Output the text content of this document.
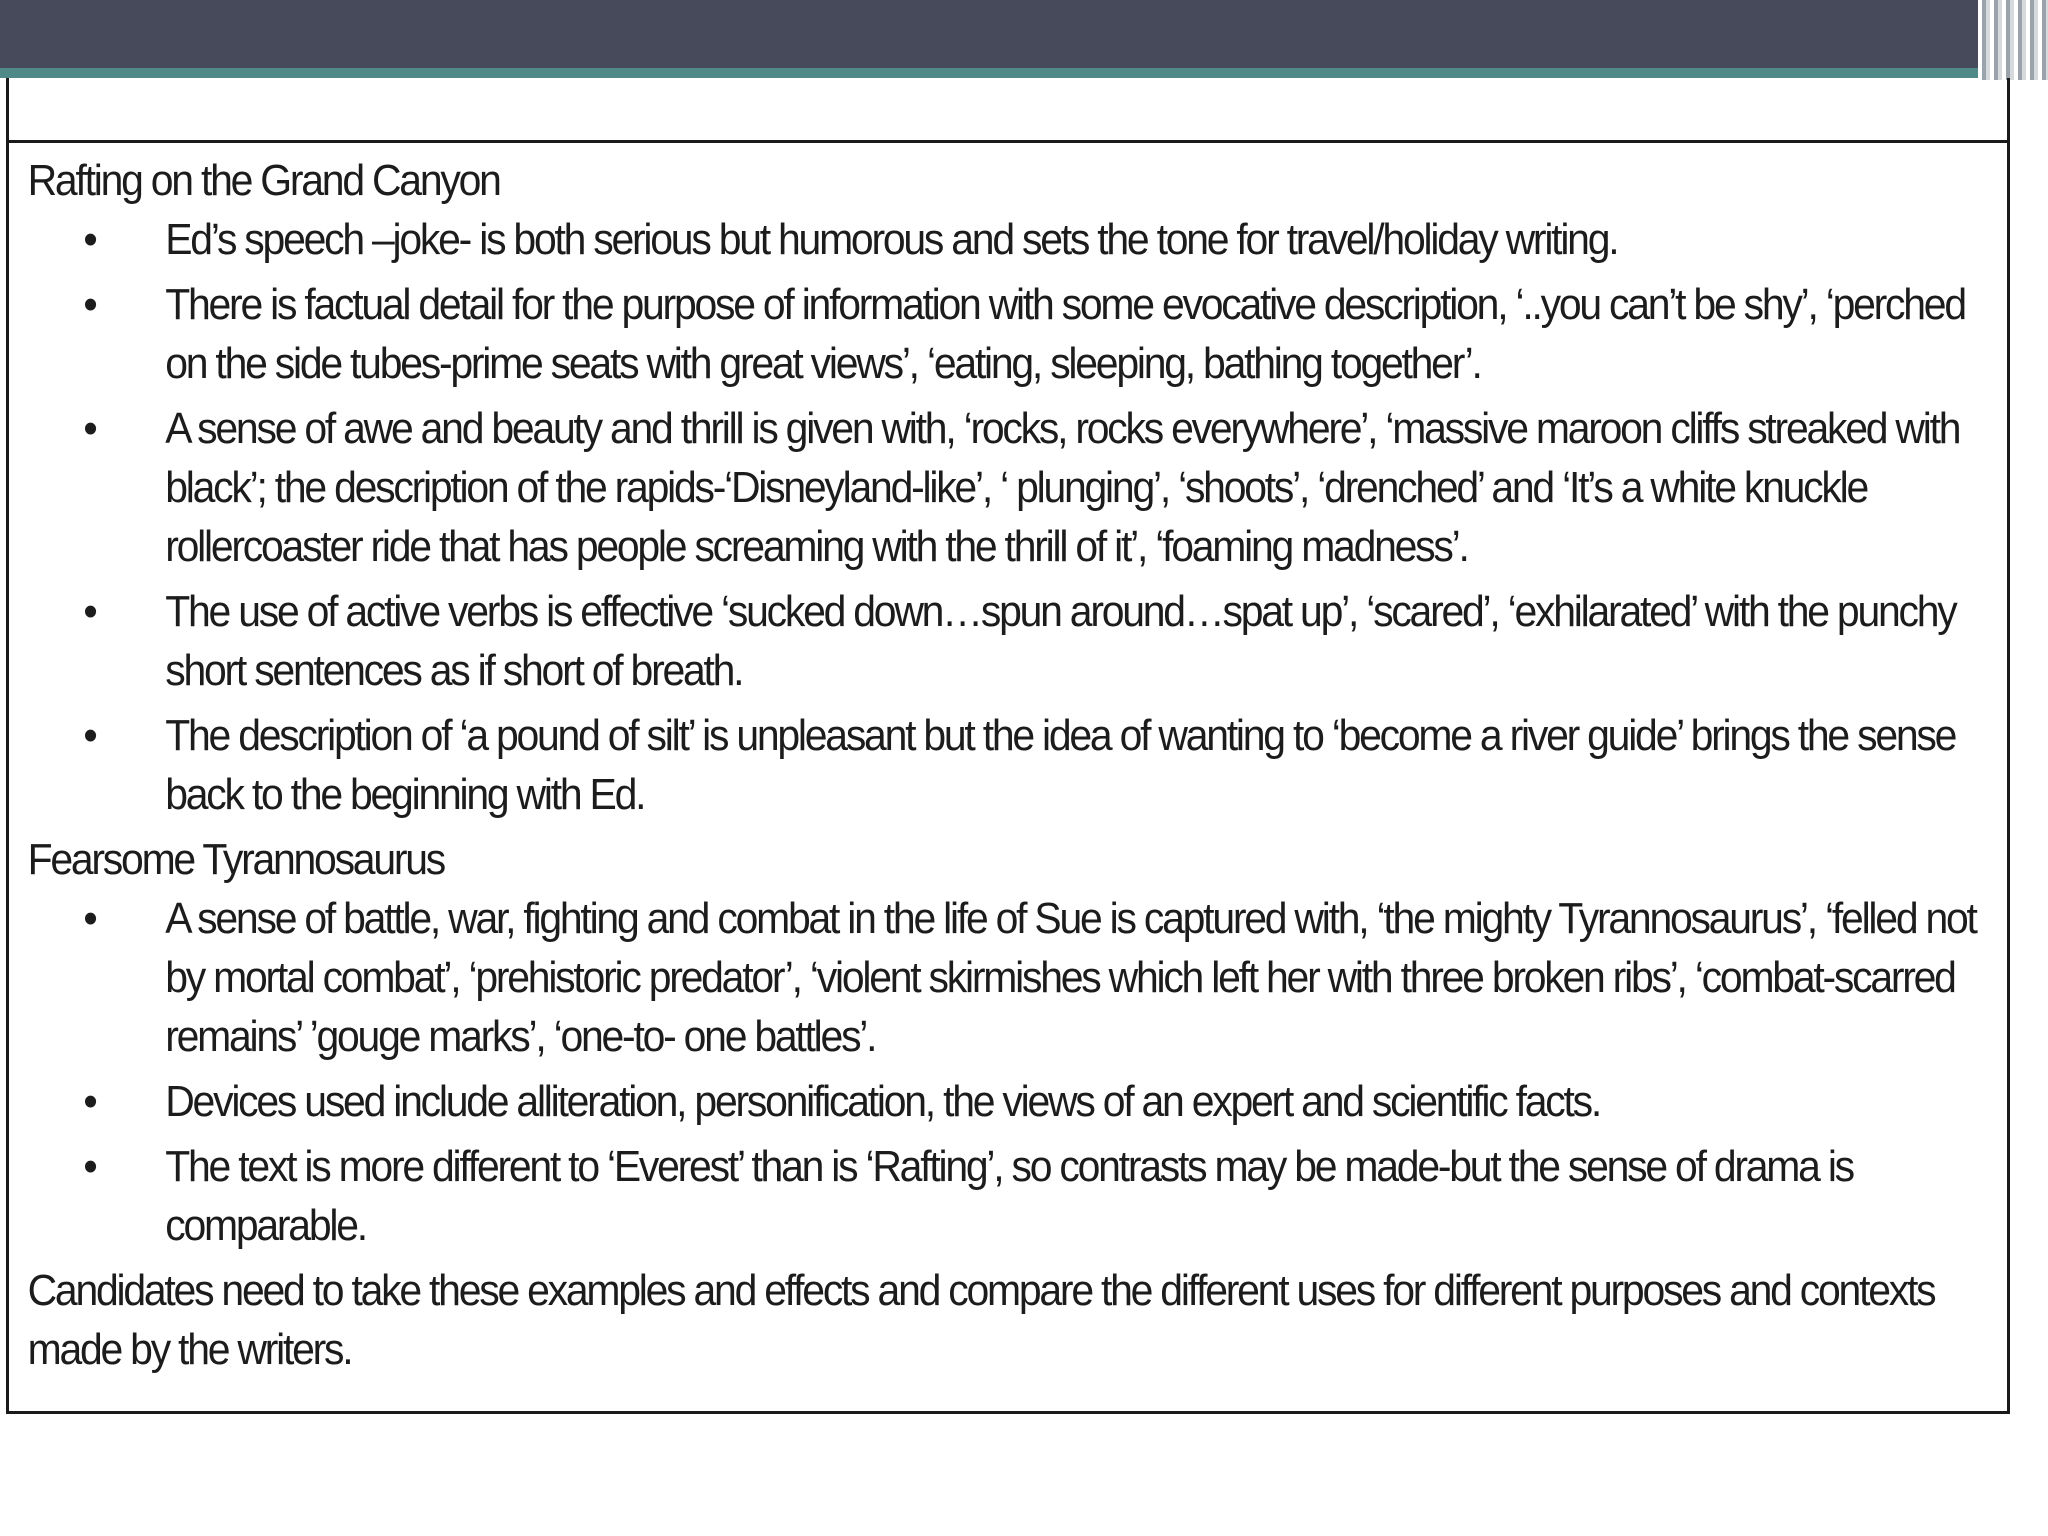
Rafting on the Grand Canyon

• Ed’s speech –joke- is both serious but humorous and sets the tone for travel/holiday writing.
• There is factual detail for the purpose of information with some evocative description, ‘..you can’t be shy’, ‘perched on the side tubes-prime seats with great views’, ‘eating, sleeping, bathing together’.
• A sense of awe and beauty and thrill is given with, ‘rocks, rocks everywhere’, ‘massive maroon cliffs streaked with black’; the description of the rapids-‘Disneyland-like’, ‘ plunging’, ‘shoots’, ‘drenched’ and ‘It’s a white knuckle rollercoaster ride that has people screaming with the thrill of it’, ‘foaming madness’.
• The use of active verbs is effective ‘sucked down…spun around…spat up’, ‘scared’, ‘exhilarated’ with the punchy short sentences as if short of breath.
• The description of ‘a pound of silt’ is unpleasant but the idea of wanting to ‘become a river guide’ brings the sense back to the beginning with Ed.

Fearsome Tyrannosaurus

• A sense of battle, war, fighting and combat in the life of Sue is captured with, ‘the mighty Tyrannosaurus’, ‘felled not by mortal combat’, ‘prehistoric predator’, ‘violent skirmishes which left her with three broken ribs’, ‘combat-scarred remains’ ’gouge marks’, ‘one-to- one battles’.
• Devices used include alliteration, personification, the views of an expert and scientific facts.
• The text is more different to ‘Everest’ than is ‘Rafting’, so contrasts may be made-but the sense of drama is comparable.

Candidates need to take these examples and effects and compare the different uses for different purposes and contexts made by the writers.
